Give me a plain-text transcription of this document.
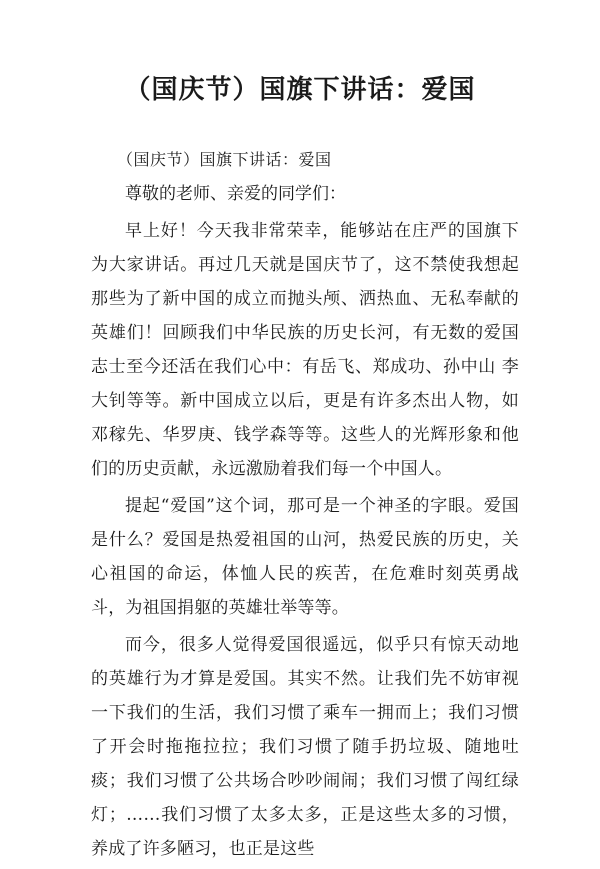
（国庆节）国旗下讲话：爱国
（国庆节）国旗下讲话：爱国
尊敬的老师、亲爱的同学们：

早上好！今天我非常荣幸，能够站在庄严的国旗下为大家讲话。再过几天就是国庆节了，这不禁使我想起那些为了新中国的成立而抛头颅、洒热血、无私奉献的英雄们！回顾我们中华民族的历史长河，有无数的爱国志士至今还活在我们心中：有岳飞、郑成功、孙中山 李大钊等等。新中国成立以后，更是有许多杰出人物，如邓稼先、华罗庚、钱学森等等。这些人的光辉形象和他们的历史贡献，永远激励着我们每一个中国人。

提起“爱国”这个词，那可是一个神圣的字眼。爱国是什么？爱国是热爱祖国的山河，热爱民族的历史，关心祖国的命运，体恤人民的疾苦，在危难时刻英勇战斗，为祖国捐躯的英雄壮举等等。

而今，很多人觉得爱国很遥远，似乎只有惊天动地的英雄行为才算是爱国。其实不然。让我们先不妨审视一下我们的生活，我们习惯了乘车一拥而上；我们习惯了开会时拖拖拉拉；我们习惯了随手扔垃圾、随地吐痰；我们习惯了公共场合吵吵闹闹；我们习惯了闯红绿灯；……我们习惯了太多太多，正是这些太多的习惯，养成了许多陋习，也正是这些
